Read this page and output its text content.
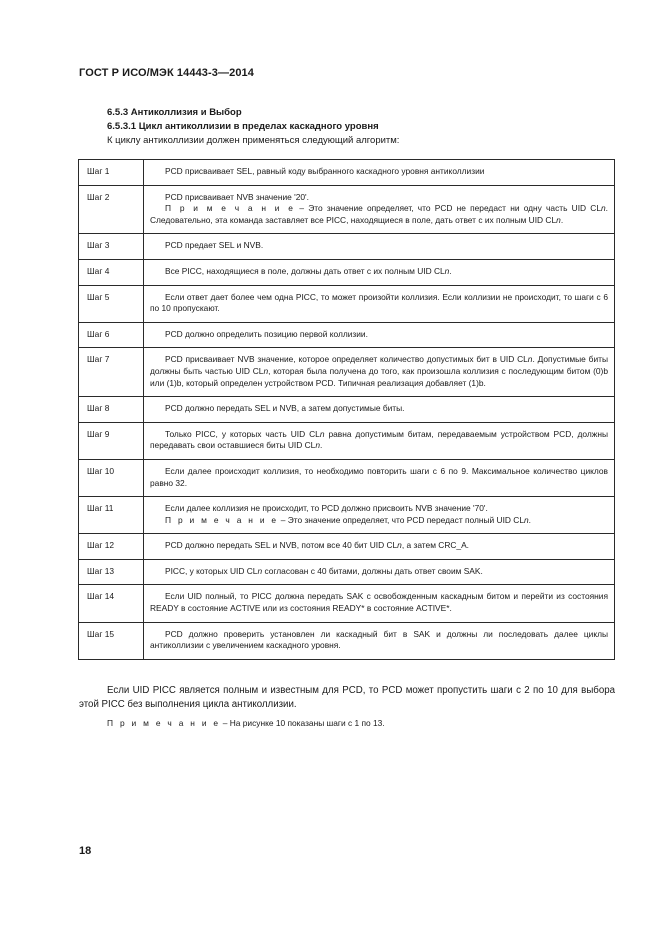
ГОСТ Р ИСО/МЭК 14443-3—2014
6.5.3 Антиколлизия и Выбор
6.5.3.1 Цикл антиколлизии в пределах каскадного уровня
К циклу антиколлизии должен применяться следующий алгоритм:
Шаг 1	PCD присваивает SEL, равный коду выбранного каскадного уровня антиколлизии

Шаг 2	PCD присваивает NVB значение '20'.
П р и м е ч а н и е – Это значение определяет, что PCD не передаст ни одну часть UID CLn. Следовательно, эта команда заставляет все PICC, находящиеся в поле, дать ответ с их полным UID CLn.

Шаг 3	PCD предает SEL и NVB.

Шаг 4	Все PICC, находящиеся в поле, должны дать ответ с их полным UID CLn.

Шаг 5	Если ответ дает более чем одна PICC, то может произойти коллизия. Если коллизии не происходит, то шаги с 6 по 10 пропускают.

Шаг 6	PCD должно определить позицию первой коллизии.

Шаг 7	PCD присваивает NVB значение, которое определяет количество допустимых бит в UID CLn. Допустимые биты должны быть частью UID CLn, которая была получена до того, как произошла коллизия с последующим битом (0)b или (1)b, который определен устройством PCD. Типичная реализация добавляет (1)b.

Шаг 8	PCD должно передать SEL и NVB, а затем допустимые биты.

Шаг 9	Только PICC, у которых часть UID CLn равна допустимым битам, передаваемым устройством PCD, должны передавать свои оставшиеся биты UID CLn.

Шаг 10	Если далее происходит коллизия, то необходимо повторить шаги с 6 по 9. Максимальное количество циклов равно 32.

Шаг 11	Если далее коллизия не происходит, то PCD должно присвоить NVB значение '70'.
П р и м е ч а н и е – Это значение определяет, что PCD передаст полный UID CLn.

Шаг 12	PCD должно передать SEL и NVB, потом все 40 бит UID CLn, а затем CRC_A.

Шаг 13	PICC, у которых UID CLn согласован с 40 битами, должны дать ответ своим SAK.

Шаг 14	Если UID полный, то PICC должна передать SAK с освобожденным каскадным битом и перейти из состояния READY в состояние ACTIVE или из состояния READY* в состояние ACTIVE*.

Шаг 15	PCD должно проверить установлен ли каскадный бит в SAK и должны ли последовать далее циклы антиколлизии с увеличением каскадного уровня.
Если UID PICC является полным и известным для PCD, то PCD может пропустить шаги с 2 по 10 для выбора этой PICC без выполнения цикла антиколлизии.
П р и м е ч а н и е – На рисунке 10 показаны шаги с 1 по 13.
18
